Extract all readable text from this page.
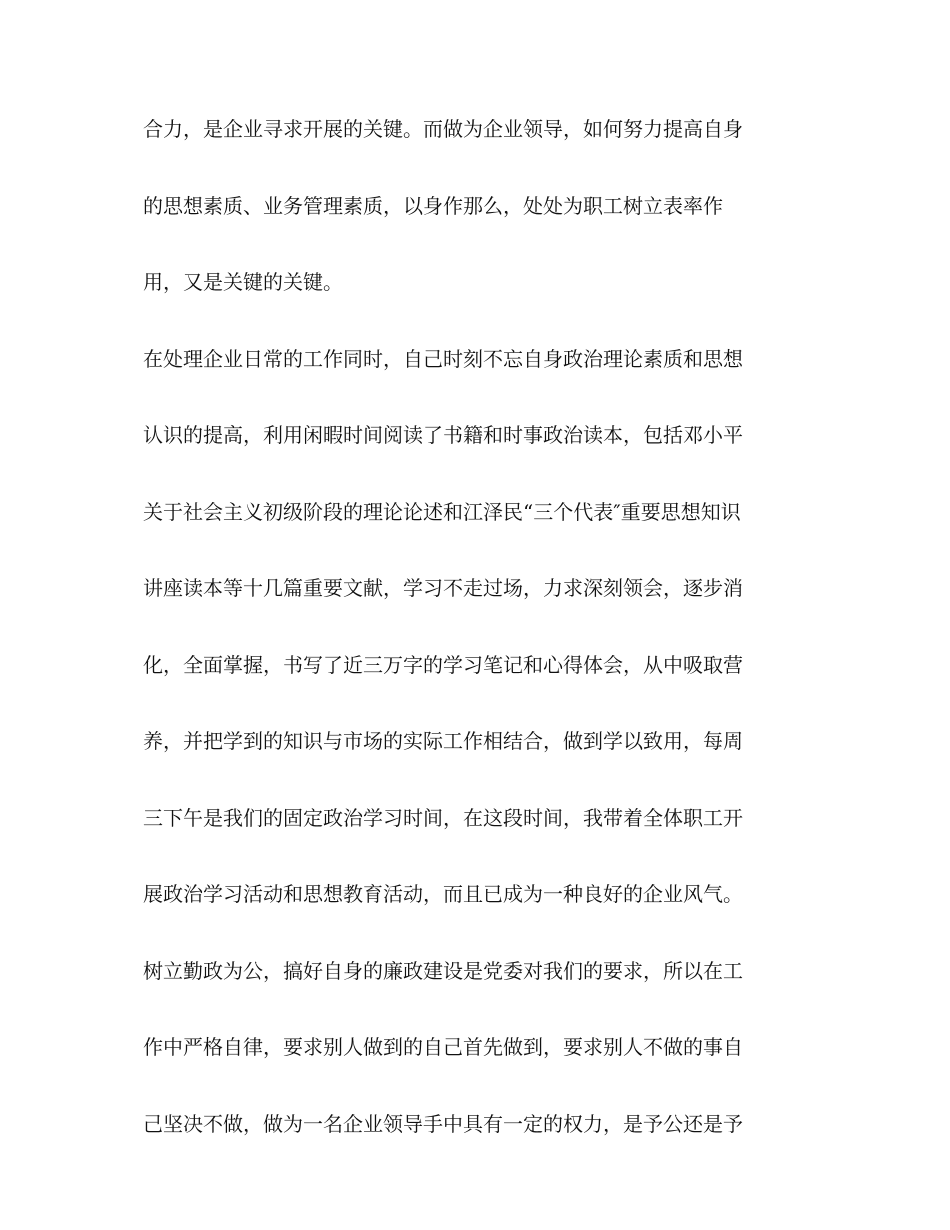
合力，是企业寻求开展的关键。而做为企业领导，如何努力提高自身
的思想素质、业务管理素质，以身作那么，处处为职工树立表率作
用，又是关键的关键。
在处理企业日常的工作同时，自己时刻不忘自身政治理论素质和思想
认识的提高，利用闲暇时间阅读了书籍和时事政治读本，包括邓小平
关于社会主义初级阶段的理论论述和江泽民“三个代表″重要思想知识
讲座读本等十几篇重要文献，学习不走过场，力求深刻领会，逐步消
化，全面掌握，书写了近三万字的学习笔记和心得体会，从中吸取营
养，并把学到的知识与市场的实际工作相结合，做到学以致用，每周
三下午是我们的固定政治学习时间，在这段时间，我带着全体职工开
展政治学习活动和思想教育活动，而且已成为一种良好的企业风气。
树立勤政为公，搞好自身的廉政建设是党委对我们的要求，所以在工
作中严格自律，要求别人做到的自己首先做到，要求别人不做的事自
己坚决不做，做为一名企业领导手中具有一定的权力，是予公还是予
